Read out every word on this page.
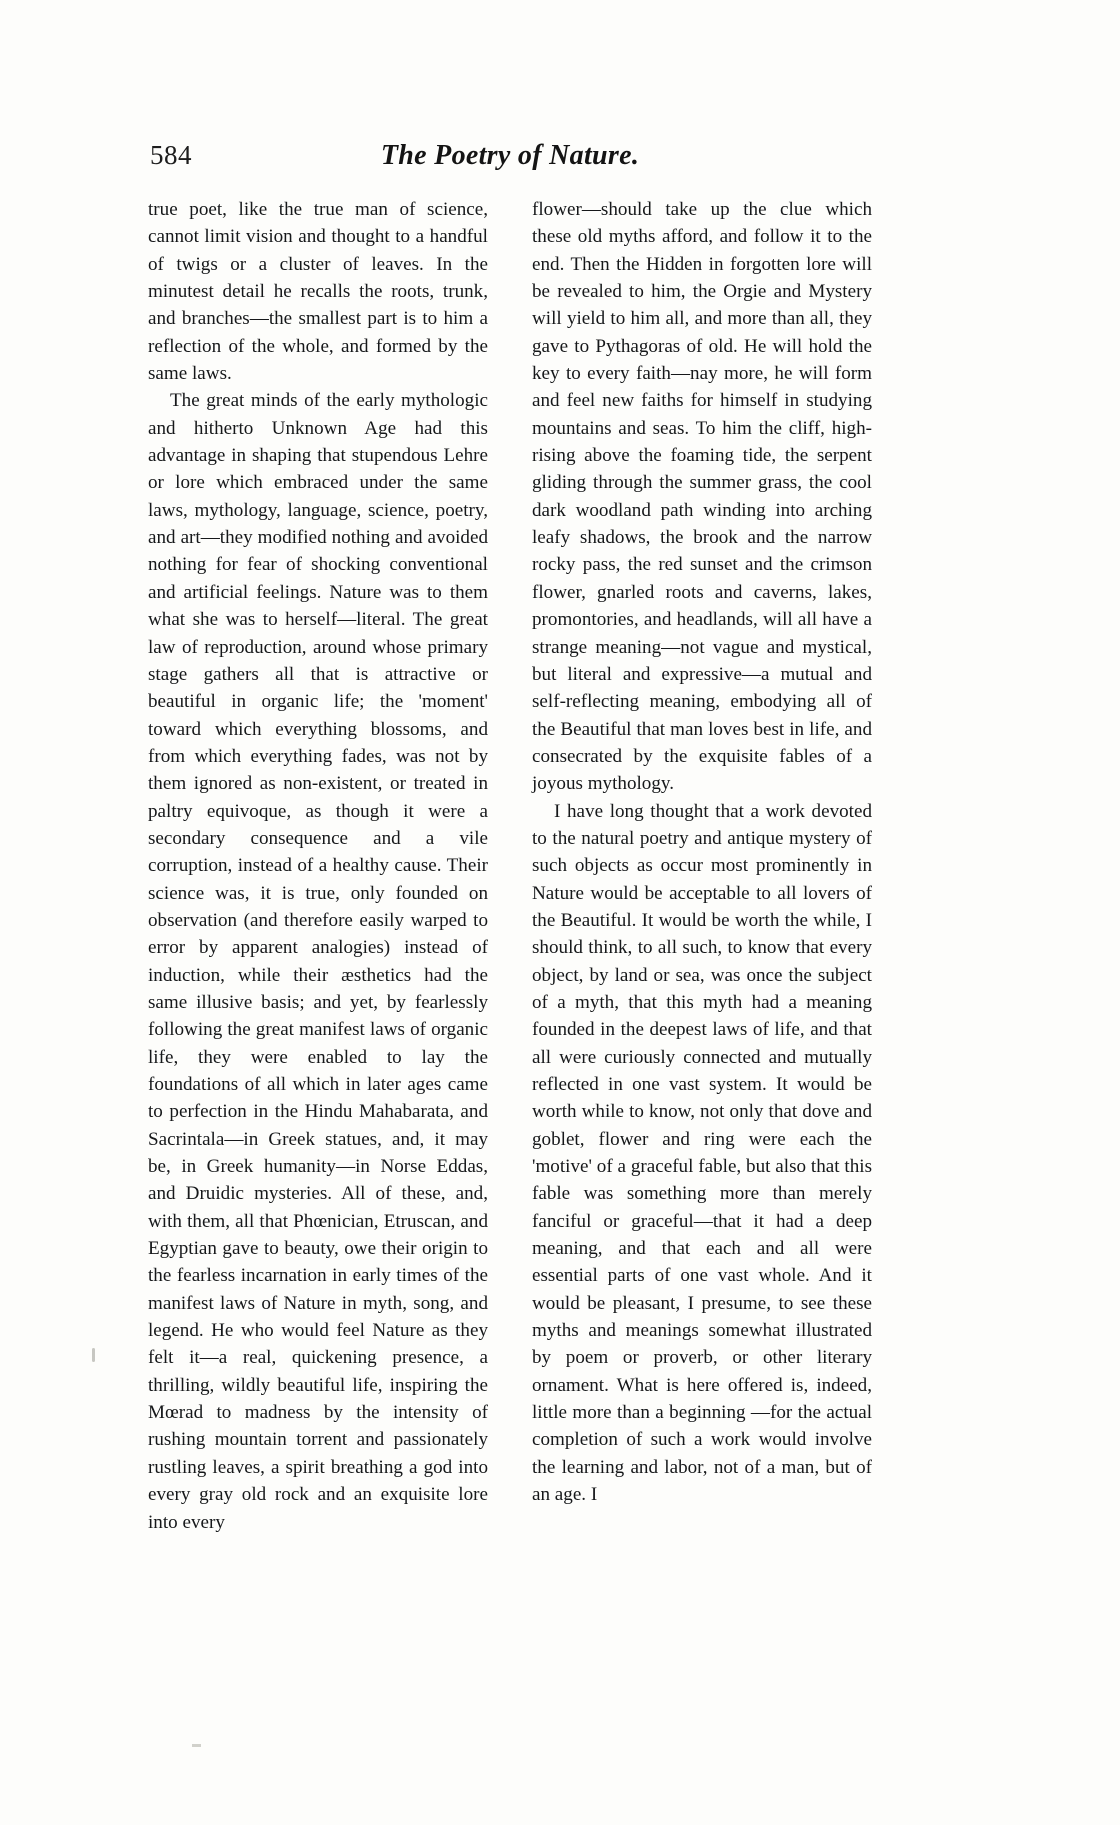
584	The Poetry of Nature.

true poet, like the true man of science, cannot limit vision and thought to a handful of twigs or a cluster of leaves. In the minutest detail he recalls the roots, trunk, and branches—the smallest part is to him a reflection of the whole, and formed by the same laws.

The great minds of the early mythologic and hitherto Unknown Age had this advantage in shaping that stupendous Lehre or lore which embraced under the same laws, mythology, language, science, poetry, and art—they modified nothing and avoided nothing for fear of shocking conventional and artificial feelings. Nature was to them what she was to herself—literal. The great law of reproduction, around whose primary stage gathers all that is attractive or beautiful in organic life; the 'moment' toward which everything blossoms, and from which everything fades, was not by them ignored as non-existent, or treated in paltry equivoque, as though it were a secondary consequence and a vile corruption, instead of a healthy cause. Their science was, it is true, only founded on observation (and therefore easily warped to error by apparent analogies) instead of induction, while their æsthetics had the same illusive basis; and yet, by fearlessly following the great manifest laws of organic life, they were enabled to lay the foundations of all which in later ages came to perfection in the Hindu Mahabarata, and Sacrintala—in Greek statues, and, it may be, in Greek humanity—in Norse Eddas, and Druidic mysteries. All of these, and, with them, all that Phœnician, Etruscan, and Egyptian gave to beauty, owe their origin to the fearless incarnation in early times of the manifest laws of Nature in myth, song, and legend. He who would feel Nature as they felt it—a real, quickening presence, a thrilling, wildly beautiful life, inspiring the Mœrad to madness by the intensity of rushing mountain torrent and passionately rustling leaves, a spirit breathing a god into every gray old rock and an exquisite lore into every

flower—should take up the clue which these old myths afford, and follow it to the end. Then the Hidden in forgotten lore will be revealed to him, the Orgie and Mystery will yield to him all, and more than all, they gave to Pythagoras of old. He will hold the key to every faith—nay more, he will form and feel new faiths for himself in studying mountains and seas. To him the cliff, high-rising above the foaming tide, the serpent gliding through the summer grass, the cool dark woodland path winding into arching leafy shadows, the brook and the narrow rocky pass, the red sunset and the crimson flower, gnarled roots and caverns, lakes, promontories, and headlands, will all have a strange meaning—not vague and mystical, but literal and expressive—a mutual and self-reflecting meaning, embodying all of the Beautiful that man loves best in life, and consecrated by the exquisite fables of a joyous mythology.

I have long thought that a work devoted to the natural poetry and antique mystery of such objects as occur most prominently in Nature would be acceptable to all lovers of the Beautiful. It would be worth the while, I should think, to all such, to know that every object, by land or sea, was once the subject of a myth, that this myth had a meaning founded in the deepest laws of life, and that all were curiously connected and mutually reflected in one vast system. It would be worth while to know, not only that dove and goblet, flower and ring were each the 'motive' of a graceful fable, but also that this fable was something more than merely fanciful or graceful—that it had a deep meaning, and that each and all were essential parts of one vast whole. And it would be pleasant, I presume, to see these myths and meanings somewhat illustrated by poem or proverb, or other literary ornament. What is here offered is, indeed, little more than a beginning —for the actual completion of such a work would involve the learning and labor, not of a man, but of an age. I
